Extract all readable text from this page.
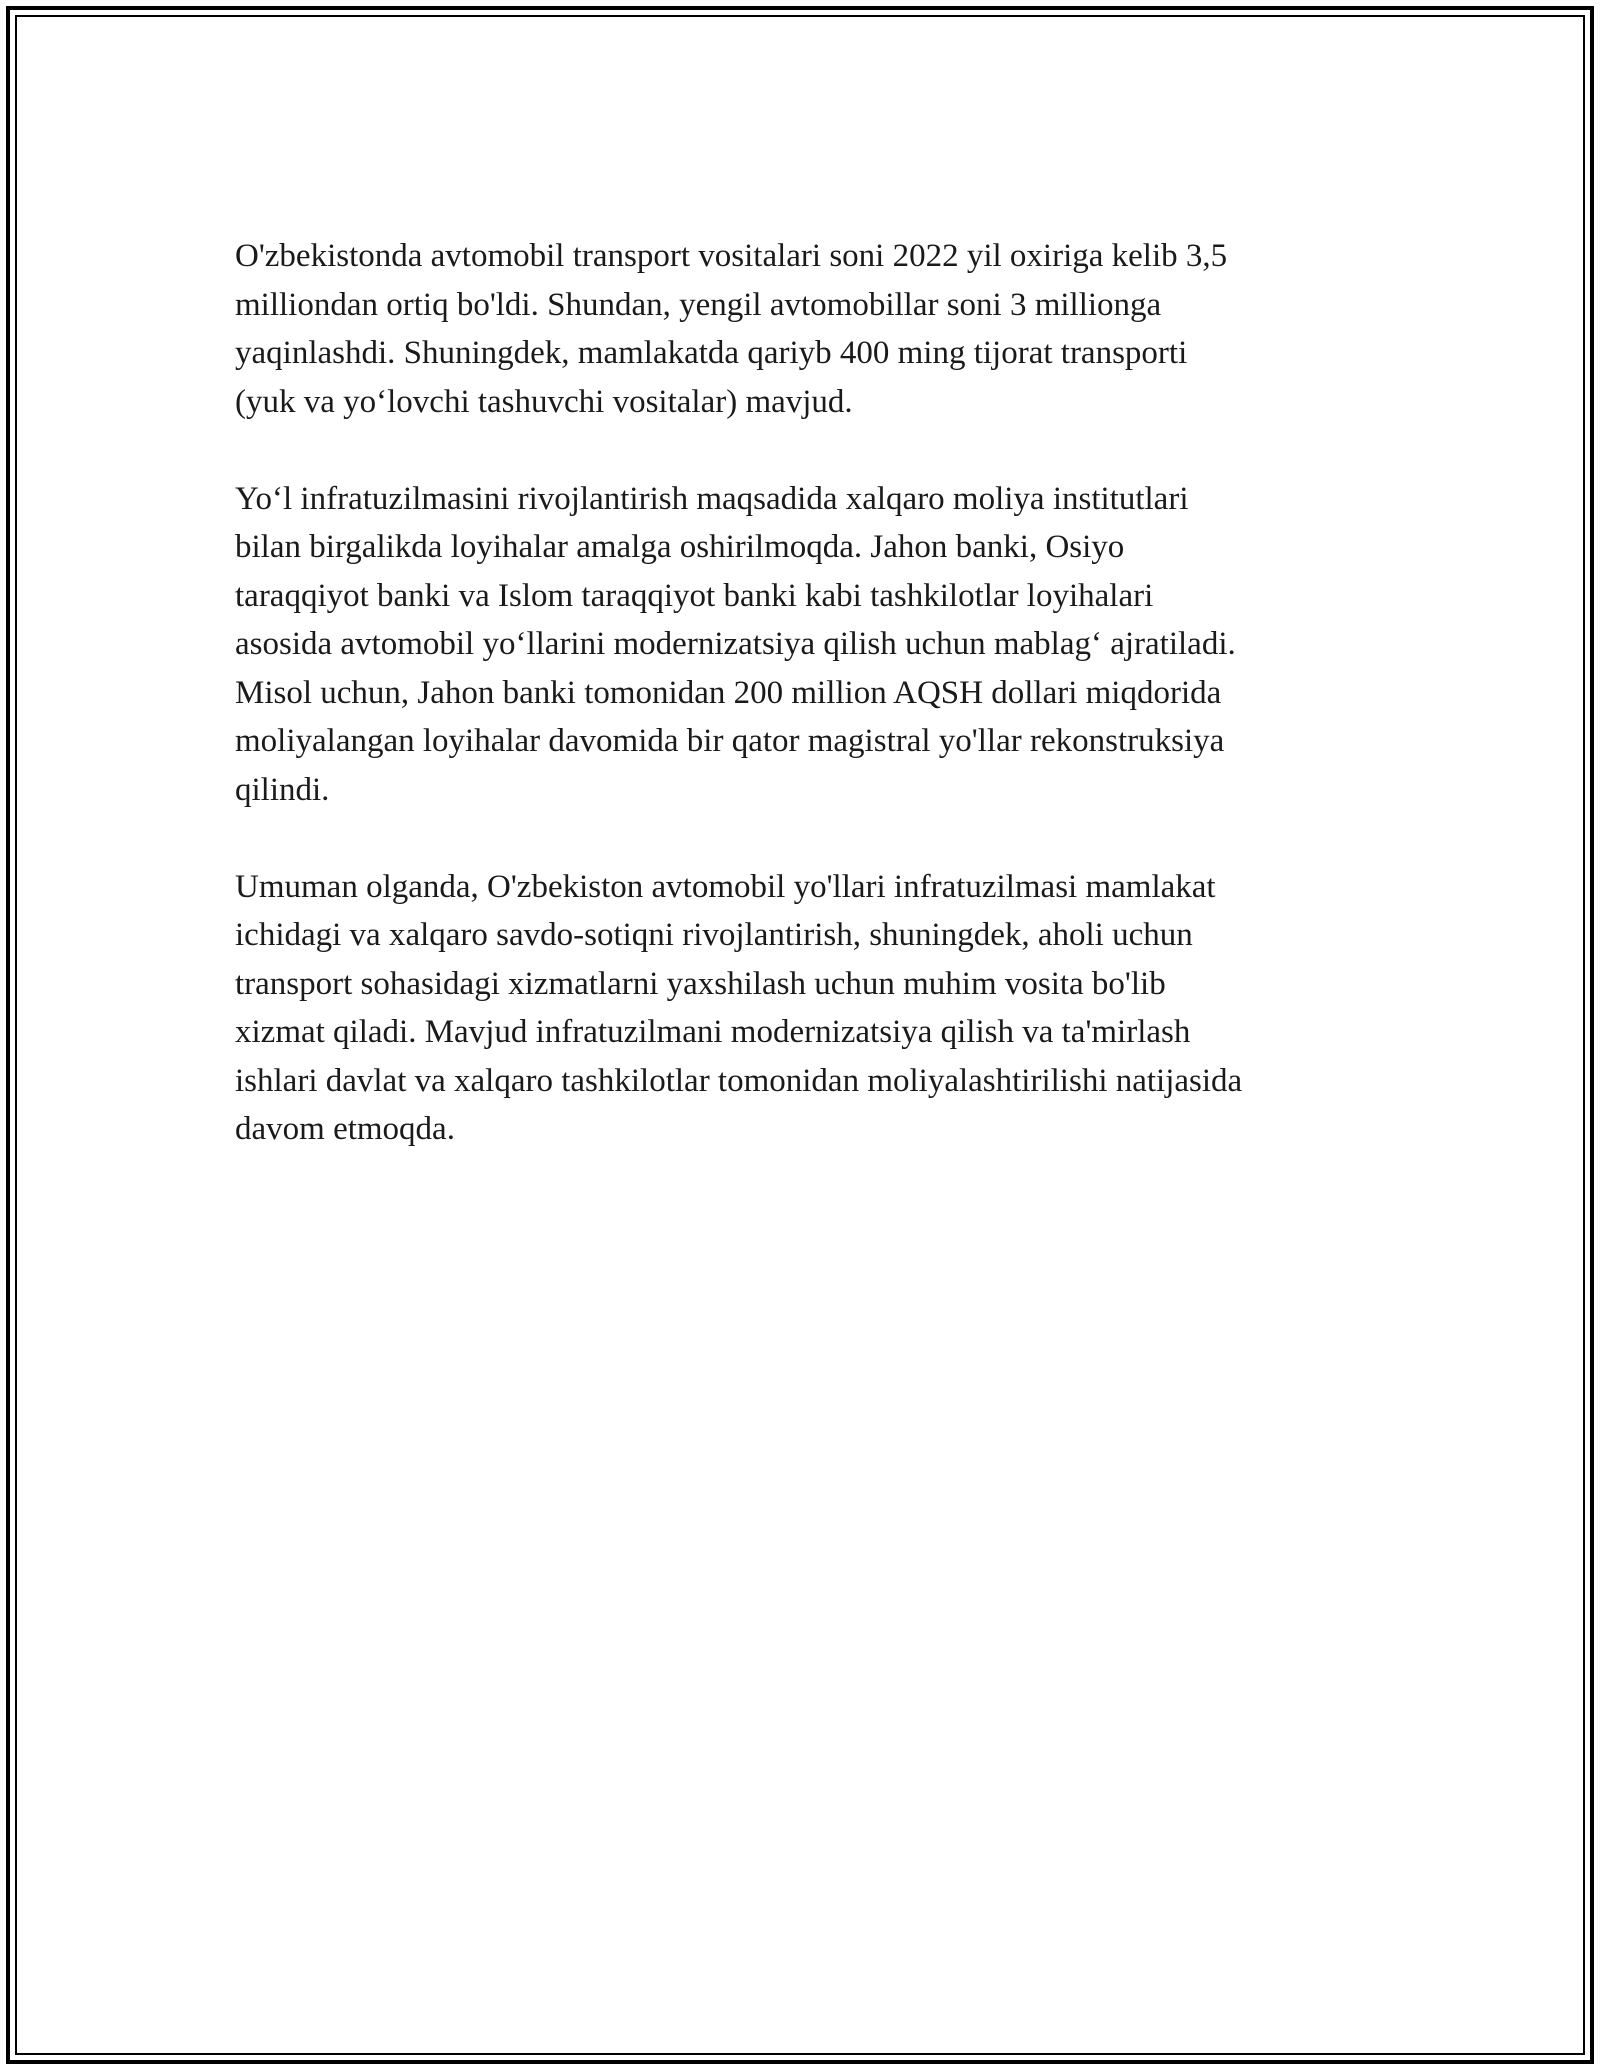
O'zbekistonda avtomobil transport vositalari soni 2022 yil oxiriga kelib 3,5
milliondan ortiq bo'ldi. Shundan, yengil avtomobillar soni 3 millionga
yaqinlashdi. Shuningdek, mamlakatda qariyb 400 ming tijorat transporti
(yuk va yo‘lovchi tashuvchi vositalar) mavjud.

Yo‘l infratuzilmasini rivojlantirish maqsadida xalqaro moliya institutlari
bilan birgalikda loyihalar amalga oshirilmoqda. Jahon banki, Osiyo
taraqqiyot banki va Islom taraqqiyot banki kabi tashkilotlar loyihalari
asosida avtomobil yo‘llarini modernizatsiya qilish uchun mablag‘ ajratiladi.
Misol uchun, Jahon banki tomonidan 200 million AQSH dollari miqdorida
moliyalangan loyihalar davomida bir qator magistral yo'llar rekonstruksiya
qilindi.

Umuman olganda, O'zbekiston avtomobil yo'llari infratuzilmasi mamlakat
ichidagi va xalqaro savdo-sotiqni rivojlantirish, shuningdek, aholi uchun
transport sohasidagi xizmatlarni yaxshilash uchun muhim vosita bo'lib
xizmat qiladi. Mavjud infratuzilmani modernizatsiya qilish va ta'mirlash
ishlari davlat va xalqaro tashkilotlar tomonidan moliyalashtirilishi natijasida
davom etmoqda.
